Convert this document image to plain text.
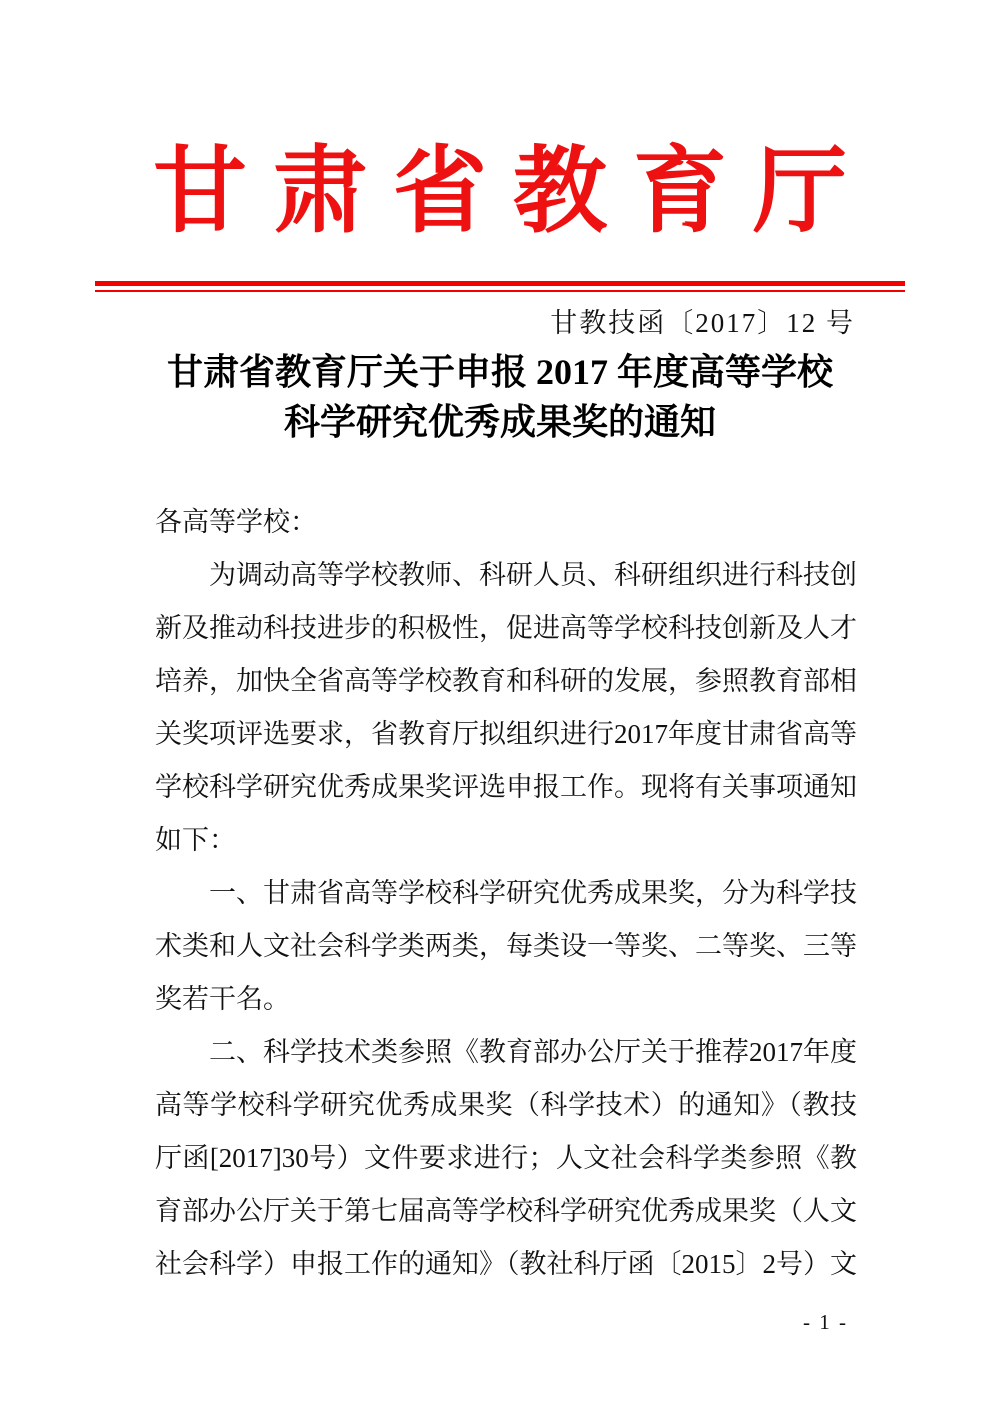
甘肃省教育厅
甘教技函〔2017〕12 号
甘肃省教育厅关于申报 2017 年度高等学校
科学研究优秀成果奖的通知

各高等学校：

为调动高等学校教师、科研人员、科研组织进行科技创新及推动科技进步的积极性，促进高等学校科技创新及人才培养，加快全省高等学校教育和科研的发展，参照教育部相关奖项评选要求，省教育厅拟组织进行2017年度甘肃省高等学校科学研究优秀成果奖评选申报工作。现将有关事项通知如下：

一、甘肃省高等学校科学研究优秀成果奖，分为科学技术类和人文社会科学类两类，每类设一等奖、二等奖、三等奖若干名。

二、科学技术类参照《教育部办公厅关于推荐2017年度高等学校科学研究优秀成果奖（科学技术）的通知》（教技厅函[2017]30号）文件要求进行；人文社会科学类参照《教育部办公厅关于第七届高等学校科学研究优秀成果奖（人文社会科学）申报工作的通知》（教社科厅函〔2015〕2号）文

- 1 -
